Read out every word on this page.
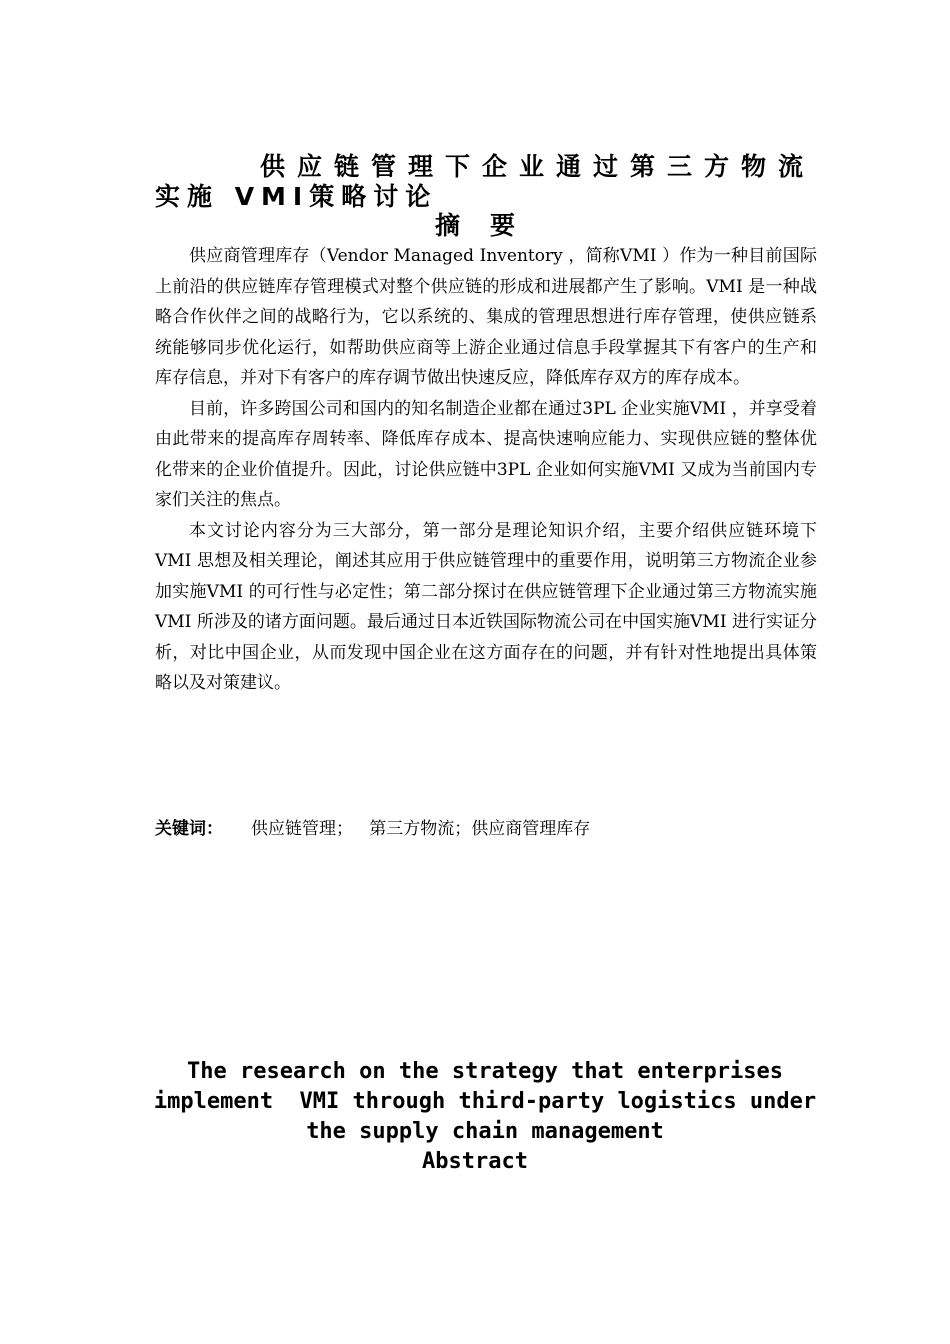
供应链管理下企业通过第三方物流
实施 VMI策略讨论
摘要

供应商管理库存（Vendor Managed Inventory ，简称VMI ）作为一种目前国际上前沿的供应链库存管理模式对整个供应链的形成和进展都产生了影响。VMI 是一种战略合作伙伴之间的战略行为，它以系统的、集成的管理思想进行库存管理，使供应链系统能够同步优化运行，如帮助供应商等上游企业通过信息手段掌握其下有客户的生产和库存信息，并对下有客户的库存调节做出快速反应，降低库存双方的库存成本。

目前，许多跨国公司和国内的知名制造企业都在通过3PL 企业实施VMI ，并享受着由此带来的提高库存周转率、降低库存成本、提高快速响应能力、实现供应链的整体优化带来的企业价值提升。因此，讨论供应链中3PL 企业如何实施VMI 又成为当前国内专家们关注的焦点。

本文讨论内容分为三大部分，第一部分是理论知识介绍，主要介绍供应链环境下VMI 思想及相关理论，阐述其应用于供应链管理中的重要作用，说明第三方物流企业参加实施VMI 的可行性与必定性；第二部分探讨在供应链管理下企业通过第三方物流实施VMI 所涉及的诸方面问题。最后通过日本近铁国际物流公司在中国实施VMI 进行实证分析，对比中国企业，从而发现中国企业在这方面存在的问题，并有针对性地提出具体策略以及对策建议。

关键词： 供应链管理； 第三方物流；供应商管理库存
The research on the strategy that enterprises
implement  VMI through third-party logistics under
the supply chain management
Abstract
